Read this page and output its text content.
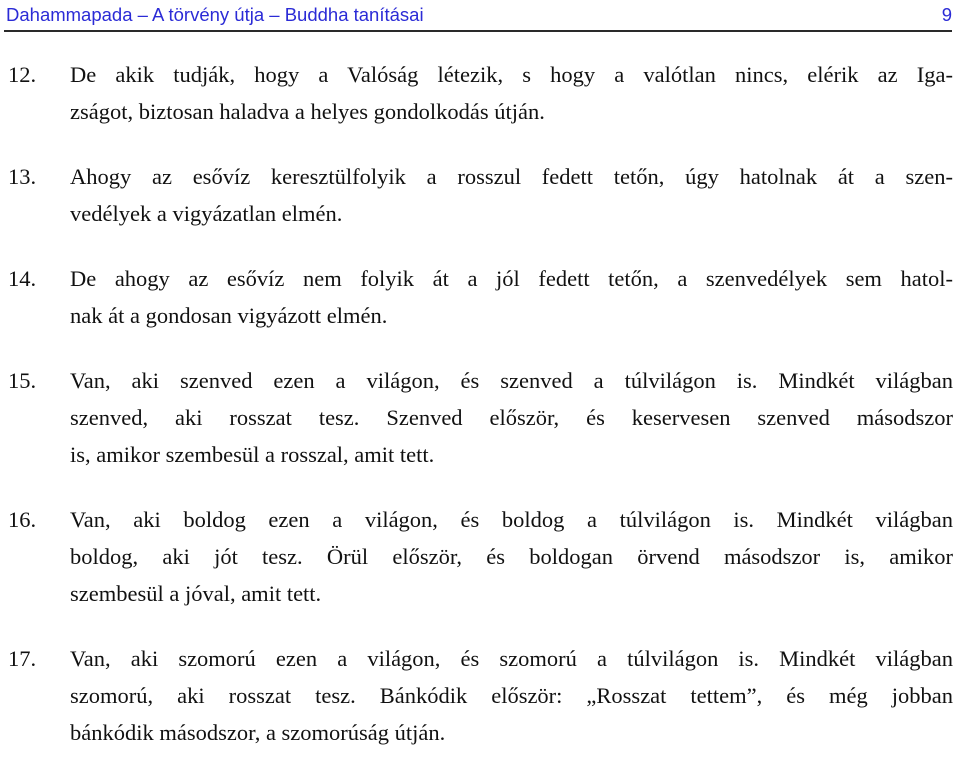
Dahammapada – A törvény útja – Buddha tanításai	9
12. De akik tudják, hogy a Valóság létezik, s hogy a valótlan nincs, elérik az Iga-
zságot, biztosan haladva a helyes gondolkodás útján.
13. Ahogy az esővíz keresztülfolyik a rosszul fedett tetőn, úgy hatolnak át a szen-
vedélyek a vigyázatlan elmén.
14. De ahogy az esővíz nem folyik át a jól fedett tetőn, a szenvedélyek sem hatol-
nak át a gondosan vigyázott elmén.
15. Van, aki szenved ezen a világon, és szenved a túlvilágon is. Mindkét világban
szenved, aki rosszat tesz. Szenved először, és keservesen szenved másodszor
is, amikor szembesül a rosszal, amit tett.
16. Van, aki boldog ezen a világon, és boldog a túlvilágon is. Mindkét világban
boldog, aki jót tesz. Örül először, és boldogan örvend másodszor is, amikor
szembesül a jóval, amit tett.
17. Van, aki szomorú ezen a világon, és szomorú a túlvilágon is. Mindkét világban
szomorú, aki rosszat tesz. Bánkódik először: „Rosszat tettem”, és még jobban
bánkódik másodszor, a szomorúság útján.
